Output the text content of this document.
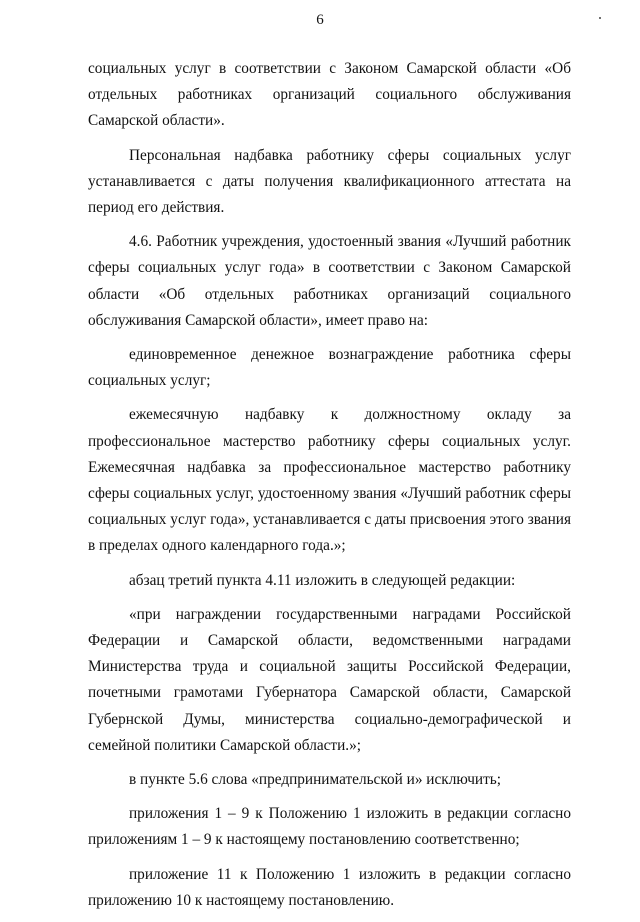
6

социальных услуг в соответствии с Законом Самарской области «Об отдельных работниках организаций социального обслуживания Самарской области».

Персональная надбавка работнику сферы социальных услуг устанавливается с даты получения квалификационного аттестата на период его действия.

4.6. Работник учреждения, удостоенный звания «Лучший работник сферы социальных услуг года» в соответствии с Законом Самарской области «Об отдельных работниках организаций социального обслуживания Самарской области», имеет право на:

единовременное денежное вознаграждение работника сферы социальных услуг;

ежемесячную надбавку к должностному окладу за профессиональное мастерство работнику сферы социальных услуг. Ежемесячная надбавка за профессиональное мастерство работнику сферы социальных услуг, удостоенному звания «Лучший работник сферы социальных услуг года», устанавливается с даты присвоения этого звания в пределах одного календарного года.»;

абзац третий пункта 4.11 изложить в следующей редакции:

«при награждении государственными наградами Российской Федерации и Самарской области, ведомственными наградами Министерства труда и социальной защиты Российской Федерации, почетными грамотами Губернатора Самарской области, Самарской Губернской Думы, министерства социально-демографической и семейной политики Самарской области.»;

в пункте 5.6 слова «предпринимательской и» исключить;

приложения 1 – 9 к Положению 1 изложить в редакции согласно приложениям 1 – 9 к настоящему постановлению соответственно;

приложение 11 к Положению 1 изложить в редакции согласно приложению 10 к настоящему постановлению.
